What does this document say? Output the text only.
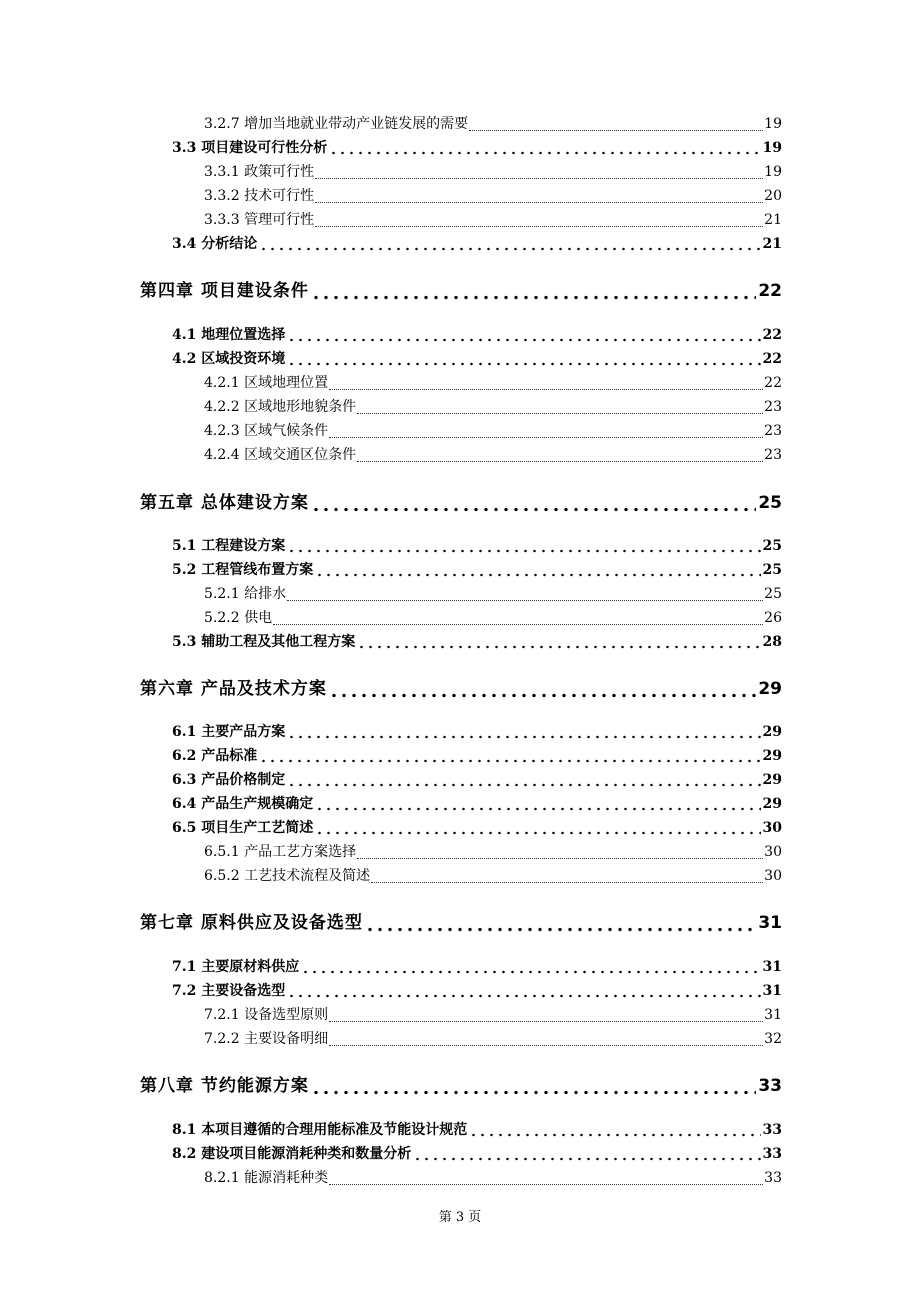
3.2.7 增加当地就业带动产业链发展的需要	19
3.3 项目建设可行性分析	19
3.3.1 政策可行性	19
3.3.2 技术可行性	20
3.3.3 管理可行性	21
3.4 分析结论	21
第四章 项目建设条件	22
4.1 地理位置选择	22
4.2 区域投资环境	22
4.2.1 区域地理位置	22
4.2.2 区域地形地貌条件	23
4.2.3 区域气候条件	23
4.2.4 区域交通区位条件	23
第五章 总体建设方案	25
5.1 工程建设方案	25
5.2 工程管线布置方案	25
5.2.1 给排水	25
5.2.2 供电	26
5.3 辅助工程及其他工程方案	28
第六章 产品及技术方案	29
6.1 主要产品方案	29
6.2 产品标准	29
6.3 产品价格制定	29
6.4 产品生产规模确定	29
6.5 项目生产工艺简述	30
6.5.1 产品工艺方案选择	30
6.5.2 工艺技术流程及简述	30
第七章 原料供应及设备选型	31
7.1 主要原材料供应	31
7.2 主要设备选型	31
7.2.1 设备选型原则	31
7.2.2 主要设备明细	32
第八章 节约能源方案	33
8.1 本项目遵循的合理用能标准及节能设计规范	33
8.2 建设项目能源消耗种类和数量分析	33
8.2.1 能源消耗种类	33
第 3 页
